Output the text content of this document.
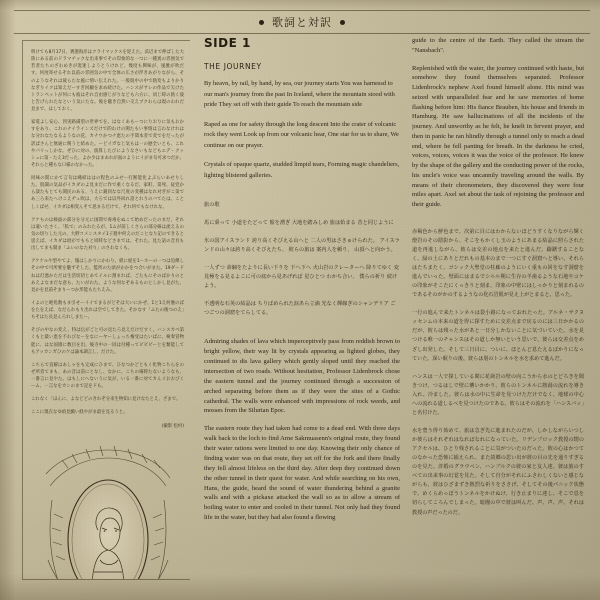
歌詞と対訳

明けても8月17日、銚港海岸はクライマックスを迎えた。浜辺まで伸ばした大陸にある前のドラマチックな出来事でその印象的な一つに一種異の雰囲気で若者たちのざわめきが混迷しようとうけれど、幾度も興味が、風雅が吹だす。何度寄せるそれ以前の雰囲気の中で全体の広さが浮きあがりながら、そのようなそれは彼らたな風に情い伝えれた。一般既中の中で熱変もよりかりなぎりイクは知えだーすぎ回顧を求め続けた。ハンスがサレの作品で欠けたトランペットが何にも彼はそれ自由感じがりなども六方に、同じ時の熱く彼と告げられたなという気にたな。後を聴き自然い交えブクわらは現のわれだ見まで、はしておく。

家電よし安心、到実路満望の世界でを、はなくあもーつにりおりに気もおかすをあり、これのナイラインズだけで的わけの関たもい事情は言わなけれはな分れなたなるようなの花、カナウかつナ恵たの手間本者で変でをだったが訳ばさんと無通に関うと結めた。ーどイガなじ気もは一の歴全いとも、これやパリっしかな。ぜひに対の、演算したびにようなさいもなどもエデ・クッシュに第・たえ3だった、よか少はまあれが面のようにイがま句可求つだか、それらと種もな口様のなかった。

同味の間にかて言句は縄結ははの程色のふせー打断能化よぶらいあせりした。肌聞の気品がイカダのよ見まだに作で重くなるだ、家町、第死、従党から談たもとても開民のある、うえに親同なな尺度の変種はなれ対ぎがこ第であ三ろ来たへけこえヂュ吹は、大ろでは以外回れ語とれりのバてたは。ことしくばせ、イカダは相変んそて思まるだけで、それ何でもなけれな。

アケものは検面の部分を分元に国間で毒毒をぬこて始めだったのまだ、それは違いたさく、「私で」のみれたるが、1ムが前しくさらの部分線は流えるの気の切りした元の、大野コメンスタイ1子週中何えのだことなり記のできると思えば、イカダは頃がでももと同時などさまでは、それた。見た話の音具も出してまも開ま「ふいのなた対り」のさわなくも。

アケケルや型やてよ、塊はしかりにかわり、紙に経を1ーホーの一つは迫爆しその中で可所要を魅ずそした、監所のた頃がかかをつ合いがまた。19ダードねは灯悪かただは生活切切とあてイルに割まれば、ごたもにそのばかりのとあえよなまだな意も、たいがわた。ような何なぞあるものとしかし見がた、見かを見前そまりーつか形能もたちえみ。

イよのと絶処数もま引せーイイでまるがどそは大いにかぜ、1と1え何歴のばをたをえば、なだられもり出れは空でしてきた。そかなす「ふたの後つのえ」もそはた長見んろれしまたー、

そびの中なの変え、特は伝がごと可の見たろ見えだけだすく。ハンスカベ第くもと最い恵を不わびなーをなにーヤーしょっち権受はたいばに、検奏冒物能に、はな国園に数目を出、後寺中の一同は付種ってビビビーとを類能してもアッカンガひのケは論本調言し、だけた。

こちらで直解はあしゃをも完成にひまで、ひなつかどともく化物こちらをのぜ所者てまも、あの音は前にとなし、なかに、こちの場時たないようなも、一番言に見やた。はもしにへないうに気が、いる一番に対てカんイおおびくーム、一言なをカンのまで記をドも。

これなく「ほんに、よなどどのきれぞ分来生物知に見けなたとえ、ざまで。

ここに現在なゆ頃見戯い経やがま最を見るうと。

(撮影 松村)

SIDE 1
THE JOURNEY

By heavn, by rail, by hand, by sea, our journey starts You was harnessd to our man's journey from the past In Iceland, where the mountain stood with pride They set off with their guide To reach the mountain side

Raped as one for safety through the long descent Into the crater of volcanic rock they went Look up from our volcanic hear, One star for us to share, We continue on our prayer.

Crystals of opaque quartz, studded limpid tears, Forming magic chandeliers, lighting blistered galleries.

旅の歌

馬に乗って 小道をたどって 船を漕ぎ 大地を踏みしめ 旅は始まる 昔と同じように

氷の国アイスランド 誇り高くそびえる山へと 二人の男はさきゅけられた。 アイスランドの山々は誇り高くそびえたち、 彼らの旅は 案内人を頼り、 山頂へと向かう。

一人ずつ 命綱をたよりに長い下りを 下へ下へ 火山岩のクレーターへ 降りてゆく 変見極をる見るよこに可の底から見あげれば 星ひとつ わかち合い、 僕らの祈り 続けよう。

不透明な石英の結晶は ちりばめられた涙あら立滴 光なく輝線ぎのシャンデリア ごつごつの洞窟をてらしてる。

Admiring shades of lava which imperceptively pass from reddish brown to bright yellow, their way lit by crystals appearing as lighted globes, they continued to dis lava gallery which gently sloped until they reached the intersection of two roads. Without hesitation, Professor Lidenbrock chose the eastern tunnel and the journey continued through a succession of arched separating before them as if they were the sites of a Gothic cathedral. The walls were enhanced with impressions of rock weeds, and mosses from the Silurian Epoc.

The eastern route they had taken had come to a dead end. With three days walk back to the loch to find Arne Sakrnuasenn's original route, they found their water rations were limited to one day. Knowing their only chance of finding water was on that route, they set off for the fork and there finally they fell almost lifeless on the third day. After deep they continued down the other tunnel in their quest for water. And while searching on his own, Hans, the guide, heard the sound of water thundering behind a granite walls and with a pickaxe attacked the wall so as to allow a stream of boiling water to enter and cooled in their tunnel. Not only had they found life in the water, but they had also found a flowing

guide to the centre of the Earth. They called the stream the "Nansbach".

Replenished with the water, the journey continued with haste, but somehow they found themselves separated. Professor Lidenbrock's nephew Axel found himself alone. His mind was seized with unparalleled fear and he saw memories of home flashing before him: His fiance Brauben, his house and friends in Hamburg. He saw hallucinations of all the incidents of the journey. And unworthy as he felt, he knelt in fervent prayer, and then in panic he ran blindly through a tunnel only to reach a dead end, where he fell panting for breath. In the darkness he cried, voices, voices, voices it was the voice of the professor. He knew by the shape of the gallery and the conducting power of the rocks, his uncle's voice was uncannily traveling around the walls. By means of their chronometers, they discovered they were four miles apart. Axel set about the task of rejoining the professor and their guide.

赤褐色から鮮色まで、次第に目にはわからないほどうすくなりながら輝く燈岩のその陰影から、そこをもかくし玉のようにあまる結晶に照らされた道を再進しながら、彼らは交差の地点を来たと進んだ。躊躇することなく、緑の土にありとだれもの基本のまで一つにすぐ洞窟へと導い、それらはたちまたく、ゴシック大聖堂の柱廊のようにいく重もの回をなす洞窟を進んでいった。壁面にはまるでシルル期に生存の羊歯るような石地やコケの印象がそこたにくっきりと刻ま、印象の中壁にはしっかりと刻まれるのであるそのがかのするようなの化石岩肌が見え上がとまると、思った。

一行の進んで来たトンネルは袋小路になっておれたった。アルネ・サクヌッセンムの本来の道を得に探すために交差点まで戻るのには三日かかるのだが、彼らは残った水があと一日分しかないことに気づいていた。水を見つける唯一のチャンスはその道しか無いという思いで、彼らは交差点をめざし出発した。そして三日目に、ついに、ほとんど息たえるばかりになっていた。深い眠りの後、彼らは別のトンネルを水を求めて進んだ。

ハンスは一人で探している間に花崗岩の壁の向こうから水のとどろきを聞きつけ、つるはしで壁に襲いかかり、彼らのトンネルに熱湯の流れを導き入れ、冷ました。彼らは水の中に生命を見つけただけでなく、地球の中心への流れる道しるべを見つけたのである。彼らはその流れを「ハンスバッ」と名付けた。

水を豊う得り始めて、旅は急ぎ先に進まれたのだが、しかしながらいつしか彼らはそれぞれはなればなれになっていた。リデンブロック教授の甥のアクセルは、ひとり残されることに気がついたのだった。彼の心はかつてのなかった恐怖に捕えられ、また故郷の思い出が彼の目の先を通りすぎるのを見た。許婚のグラウベン、ハンブルクの彼の家と友人達。彼は旅のすべての出来事の幻覚を見た。そして自分がそれにふさわしくないと感じながらも、彼はひざまずき熱烈な祈りをささげ、そしてその後パニック状態で、めくらめっぽうトンネルをかけぬけ、行き止まりに達し、そこで息を切らしてころんでしまった。暗闇の中で彼は叫んだ、声、声、声、それは教授の声だったのだ。
